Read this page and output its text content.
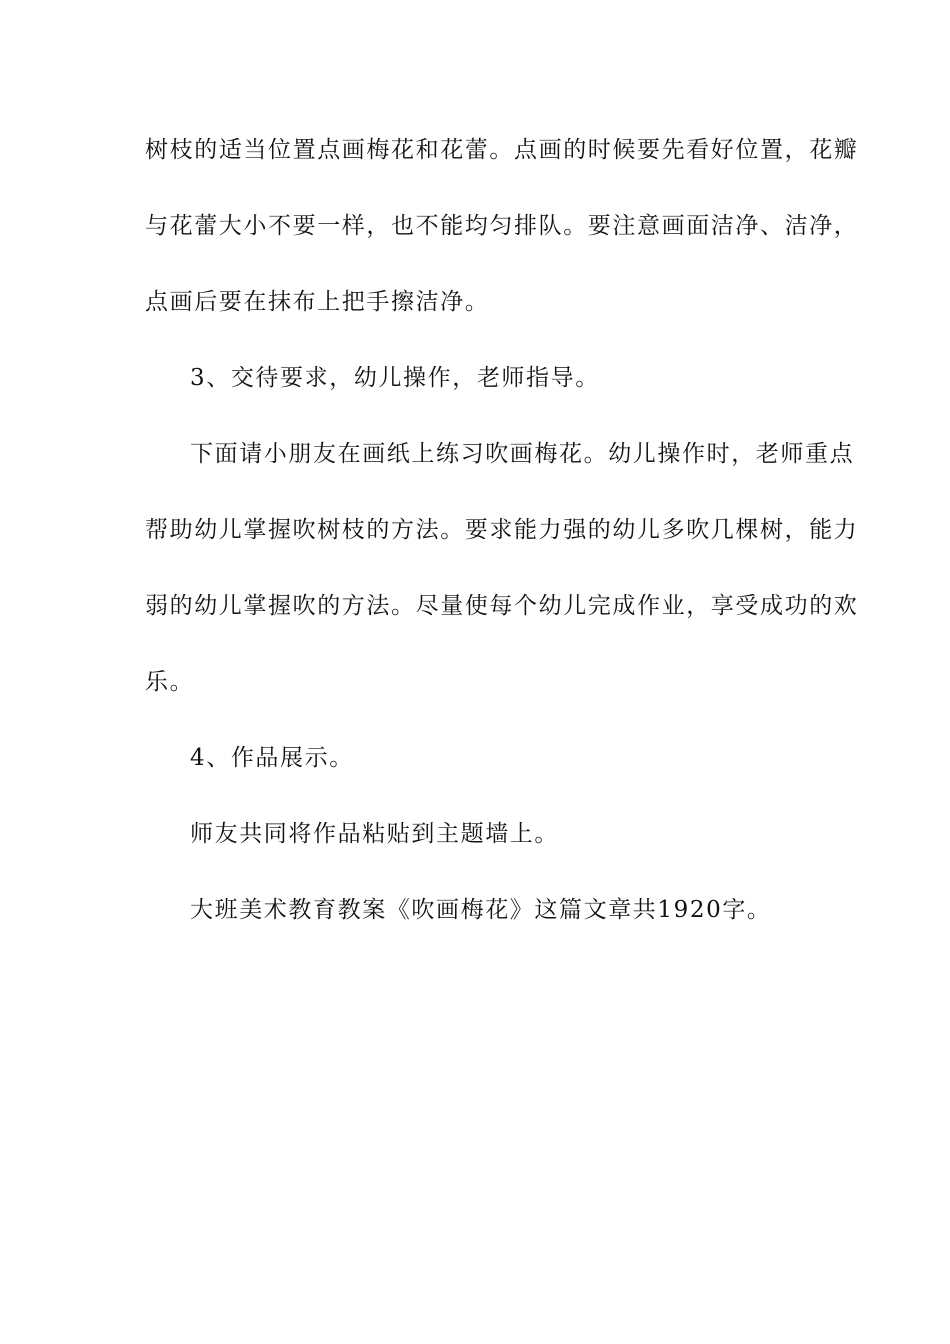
树枝的适当位置点画梅花和花蕾。点画的时候要先看好位置，花瓣
与花蕾大小不要一样，也不能均匀排队。要注意画面洁净、洁净，
点画后要在抹布上把手擦洁净。
3、交待要求，幼儿操作，老师指导。
下面请小朋友在画纸上练习吹画梅花。幼儿操作时，老师重点
帮助幼儿掌握吹树枝的方法。要求能力强的幼儿多吹几棵树，能力
弱的幼儿掌握吹的方法。尽量使每个幼儿完成作业，享受成功的欢
乐。
4、作品展示。
师友共同将作品粘贴到主题墙上。
大班美术教育教案《吹画梅花》这篇文章共1920字。
